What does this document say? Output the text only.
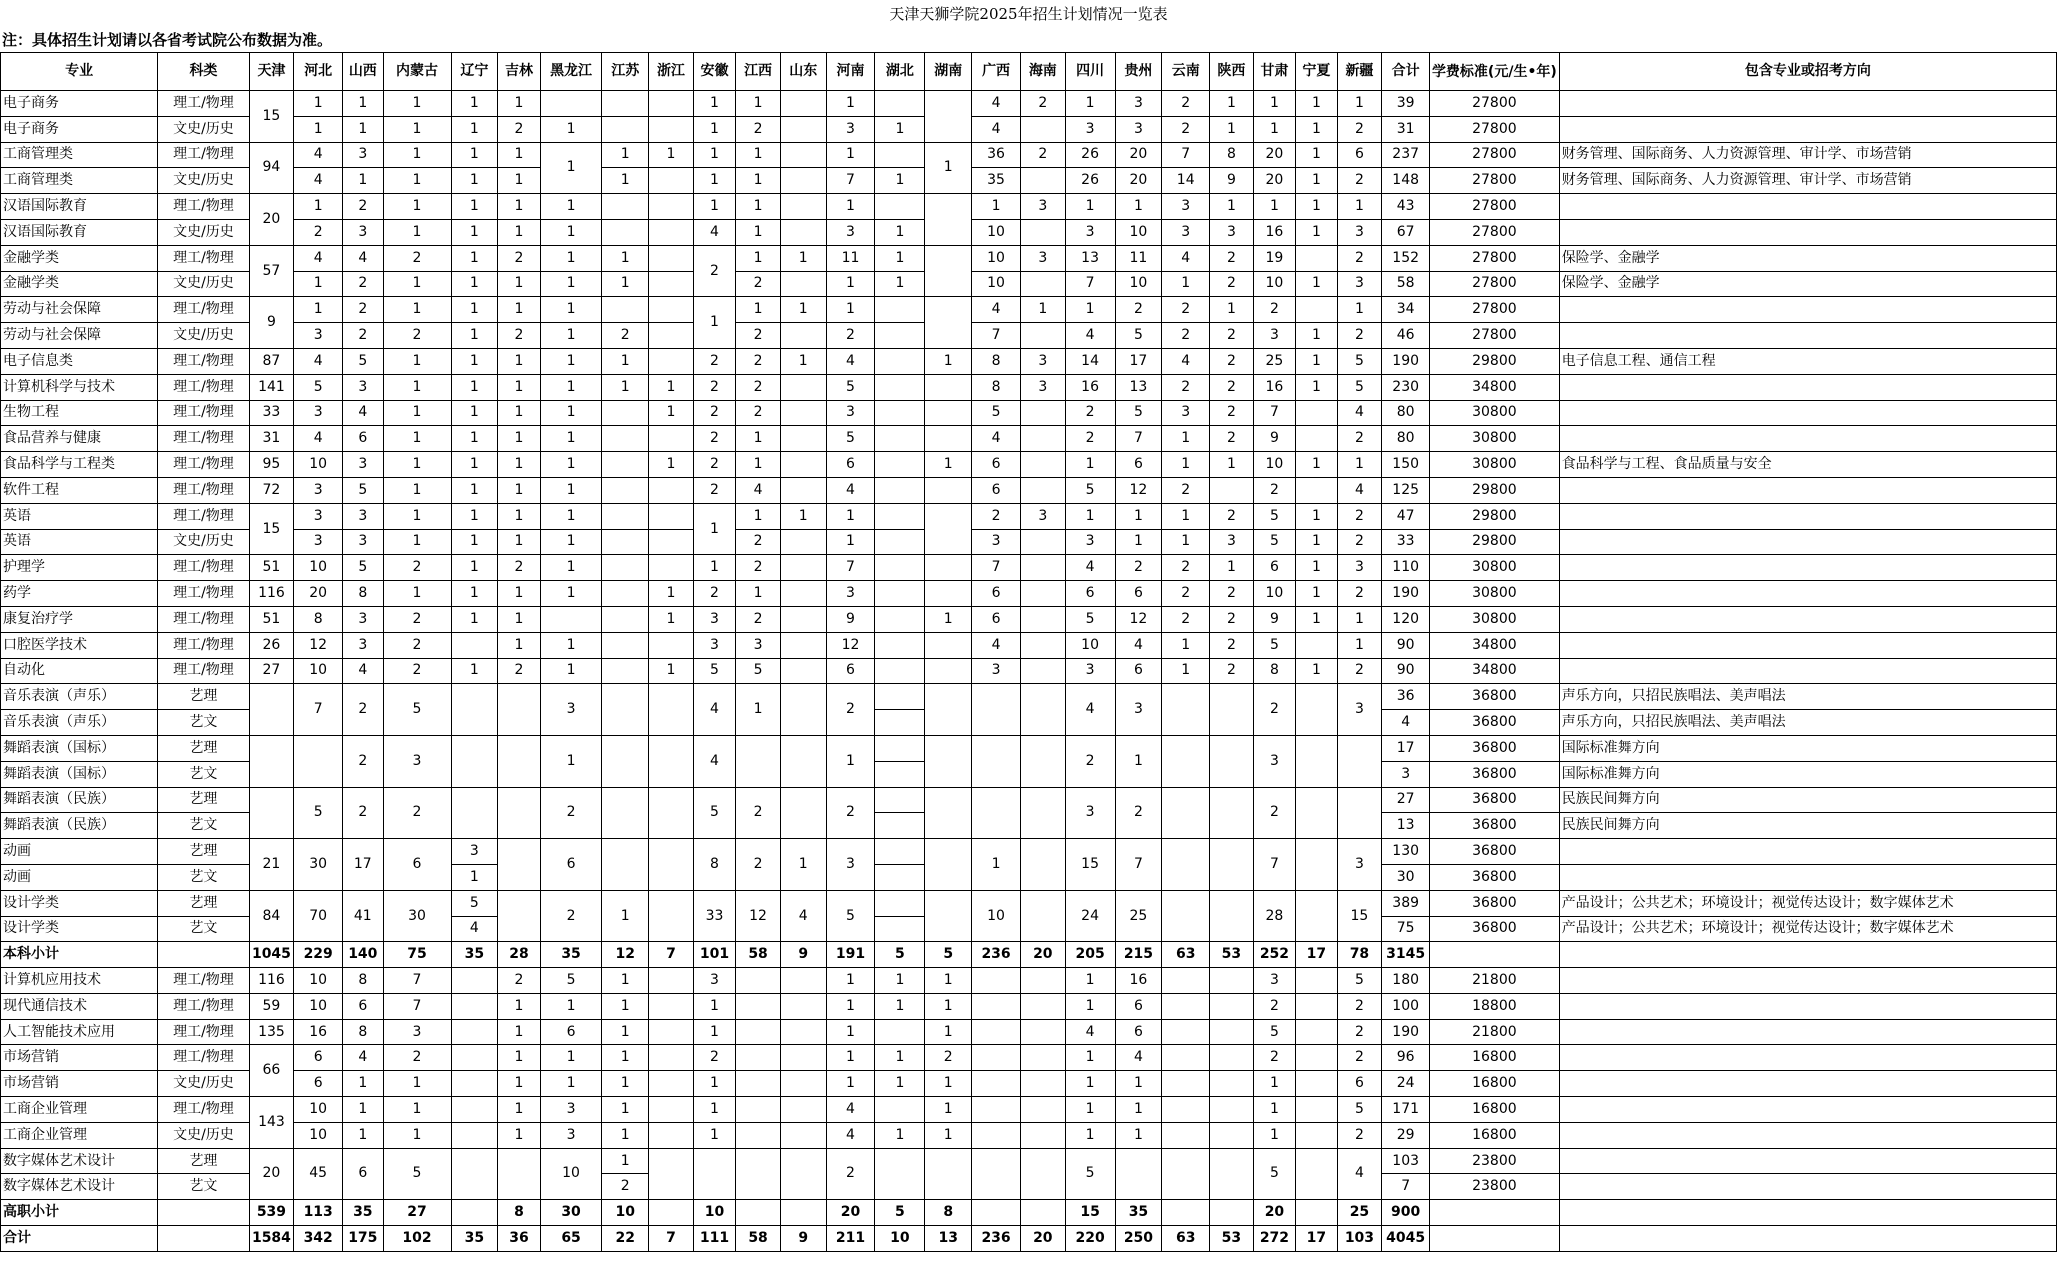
天津天狮学院2025年招生计划情况一览表
注：具体招生计划请以各省考试院公布数据为准。
专业	科类	天津	河北	山西	内蒙古	辽宁	吉林	黑龙江	江苏	浙江	安徽	江西	山东	河南	湖北	湖南	广西	海南	四川	贵州	云南	陕西	甘肃	宁夏	新疆	合计	学费标准(元/生•年)	包含专业或招考方向
电子商务	理工/物理	15	1	1	1	1	1				1	1		1			4	2	1	3	2	1	1	1	1	39	27800	
电子商务	文史/历史		1	1	1	1	2	1			1	2		3	1		4		3	3	2	1	1	1	2	31	27800	
工商管理类	理工/物理	94	4	3	1	1	1	1	1	1	1	1		1		1	36	2	26	20	7	8	20	1	6	237	27800	财务管理、国际商务、人力资源管理、审计学、市场营销
工商管理类	文史/历史		4	1	1	1	1		1		1	1		7	1		35		26	20	14	9	20	1	2	148	27800	财务管理、国际商务、人力资源管理、审计学、市场营销
汉语国际教育	理工/物理	20	1	2	1	1	1	1			1	1		1			1	3	1	1	3	1	1	1	1	43	27800	
汉语国际教育	文史/历史		2	3	1	1	1	1			4	1		3	1		10		3	10	3	3	16	1	3	67	27800	
金融学类	理工/物理	57	4	4	2	1	2	1	1		2	1	1	11	1		10	3	13	11	4	2	19		2	152	27800	保险学、金融学
金融学类	文史/历史		1	2	1	1	1	1	1			2		1	1		10		7	10	1	2	10	1	3	58	27800	保险学、金融学
劳动与社会保障	理工/物理	9	1	2	1	1	1	1			1	1	1	1			4	1	1	2	2	1	2		1	34	27800	
劳动与社会保障	文史/历史		3	2	2	1	2	1	2			2		2			7		4	5	2	2	3	1	2	46	27800	
电子信息类	理工/物理	87	4	5	1	1	1	1	1		2	2	1	4		1	8	3	14	17	4	2	25	1	5	190	29800	电子信息工程、通信工程
计算机科学与技术	理工/物理	141	5	3	1	1	1	1	1	1	2	2		5			8	3	16	13	2	2	16	1	5	230	34800	
生物工程	理工/物理	33	3	4	1	1	1	1		1	2	2		3			5		2	5	3	2	7		4	80	30800	
食品营养与健康	理工/物理	31	4	6	1	1	1	1			2	1		5			4		2	7	1	2	9		2	80	30800	
食品科学与工程类	理工/物理	95	10	3	1	1	1	1		1	2	1		6		1	6		1	6	1	1	10	1	1	150	30800	食品科学与工程、食品质量与安全
软件工程	理工/物理	72	3	5	1	1	1	1			2	4		4			6		5	12	2		2		4	125	29800	
英语	理工/物理	15	3	3	1	1	1	1			1	1	1	1			2	3	1	1	1	2	5	1	2	47	29800	
英语	文史/历史		3	3	1	1	1	1				2		1			3		3	1	1	3	5	1	2	33	29800	
护理学	理工/物理	51	10	5	2	1	2	1			1	2		7			7		4	2	2	1	6	1	3	110	30800	
药学	理工/物理	116	20	8	1	1	1	1		1	2	1		3			6		6	6	2	2	10	1	2	190	30800	
康复治疗学	理工/物理	51	8	3	2	1	1			1	3	2		9		1	6		5	12	2	2	9	1	1	120	30800	
口腔医学技术	理工/物理	26	12	3	2		1	1			3	3		12			4		10	4	1	2	5		1	90	34800	
自动化	理工/物理	27	10	4	2	1	2	1		1	5	5		6			3		3	6	1	2	8	1	2	90	34800	
音乐表演（声乐）	艺理		7	2	5			3			4	1		2					4	3			2		3	36	36800	声乐方向，只招民族唱法、美声唱法
音乐表演（声乐）	艺文																									4	36800	声乐方向，只招民族唱法、美声唱法
舞蹈表演（国标）	艺理			2	3			1			4			1					2	1			3			17	36800	国际标准舞方向
舞蹈表演（国标）	艺文																									3	36800	国际标准舞方向
舞蹈表演（民族）	艺理		5	2	2			2			5	2		2					3	2			2			27	36800	民族民间舞方向
舞蹈表演（民族）	艺文																									13	36800	民族民间舞方向
动画	艺理	21	30	17	6	3		6			8	2	1	3			1		15	7			7		3	130	36800	
动画	艺文					1																				30	36800	
设计学类	艺理	84	70	41	30	5		2	1		33	12	4	5			10		24	25			28		15	389	36800	产品设计；公共艺术；环境设计；视觉传达设计；数字媒体艺术
设计学类	艺文					4																				75	36800	产品设计；公共艺术；环境设计；视觉传达设计；数字媒体艺术
本科小计		1045	229	140	75	35	28	35	12	7	101	58	9	191	5	5	236	20	205	215	63	53	252	17	78	3145		
计算机应用技术	理工/物理	116	10	8	7		2	5	1		3			1	1	1			1	16			3		5	180	21800	
现代通信技术	理工/物理	59	10	6	7		1	1	1		1			1	1	1			1	6			2		2	100	18800	
人工智能技术应用	理工/物理	135	16	8	3		1	6	1		1			1		1			4	6			5		2	190	21800	
市场营销	理工/物理	66	6	4	2		1	1	1		2			1	1	2			1	4			2		2	96	16800	
市场营销	文史/历史		6	1	1		1	1	1		1			1	1	1			1	1			1		6	24	16800	
工商企业管理	理工/物理	143	10	1	1		1	3	1		1			4		1			1	1			1		5	171	16800	
工商企业管理	文史/历史		10	1	1		1	3	1		1			4	1	1			1	1			1		2	29	16800	
数字媒体艺术设计	艺理	20	45	6	5			10	1					2					5				5		4	103	23800	
数字媒体艺术设计	艺文								2																	7	23800	
高职小计		539	113	35	27		8	30	10		10			20	5	8			15	35			20		25	900		
合计		1584	342	175	102	35	36	65	22	7	111	58	9	211	10	13	236	20	220	250	63	53	272	17	103	4045		
